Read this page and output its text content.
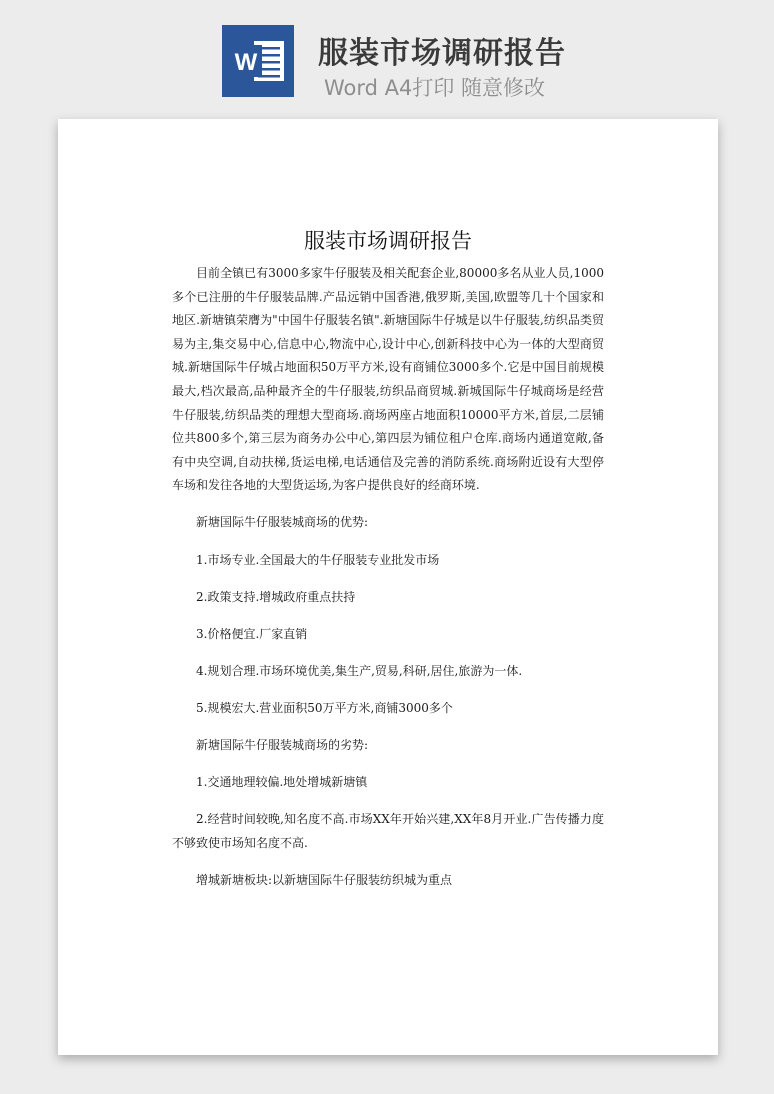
W 服装市场调研报告
Word A4打印 随意修改
服装市场调研报告

目前全镇已有3000多家牛仔服装及相关配套企业,80000多名从业人员,1000多个已注册的牛仔服装品牌.产品远销中国香港,俄罗斯,美国,欧盟等几十个国家和地区.新塘镇荣膺为"中国牛仔服装名镇".新塘国际牛仔城是以牛仔服装,纺织品类贸易为主,集交易中心,信息中心,物流中心,设计中心,创新科技中心为一体的大型商贸城.新塘国际牛仔城占地面积50万平方米,设有商铺位3000多个.它是中国目前规模最大,档次最高,品种最齐全的牛仔服装,纺织品商贸城.新城国际牛仔城商场是经营牛仔服装,纺织品类的理想大型商场.商场两座占地面积10000平方米,首层,二层铺位共800多个,第三层为商务办公中心,第四层为铺位租户仓库.商场内通道宽敞,备有中央空调,自动扶梯,货运电梯,电话通信及完善的消防系统.商场附近设有大型停车场和发往各地的大型货运场,为客户提供良好的经商环境.

新塘国际牛仔服装城商场的优势:

1.市场专业.全国最大的牛仔服装专业批发市场

2.政策支持.增城政府重点扶持

3.价格便宜.厂家直销

4.规划合理.市场环境优美,集生产,贸易,科研,居住,旅游为一体.

5.规模宏大.营业面积50万平方米,商铺3000多个

新塘国际牛仔服装城商场的劣势:

1.交通地理较偏.地处增城新塘镇

2.经营时间较晚,知名度不高.市场XX年开始兴建,XX年8月开业.广告传播力度不够致使市场知名度不高.

增城新塘板块:以新塘国际牛仔服装纺织城为重点
